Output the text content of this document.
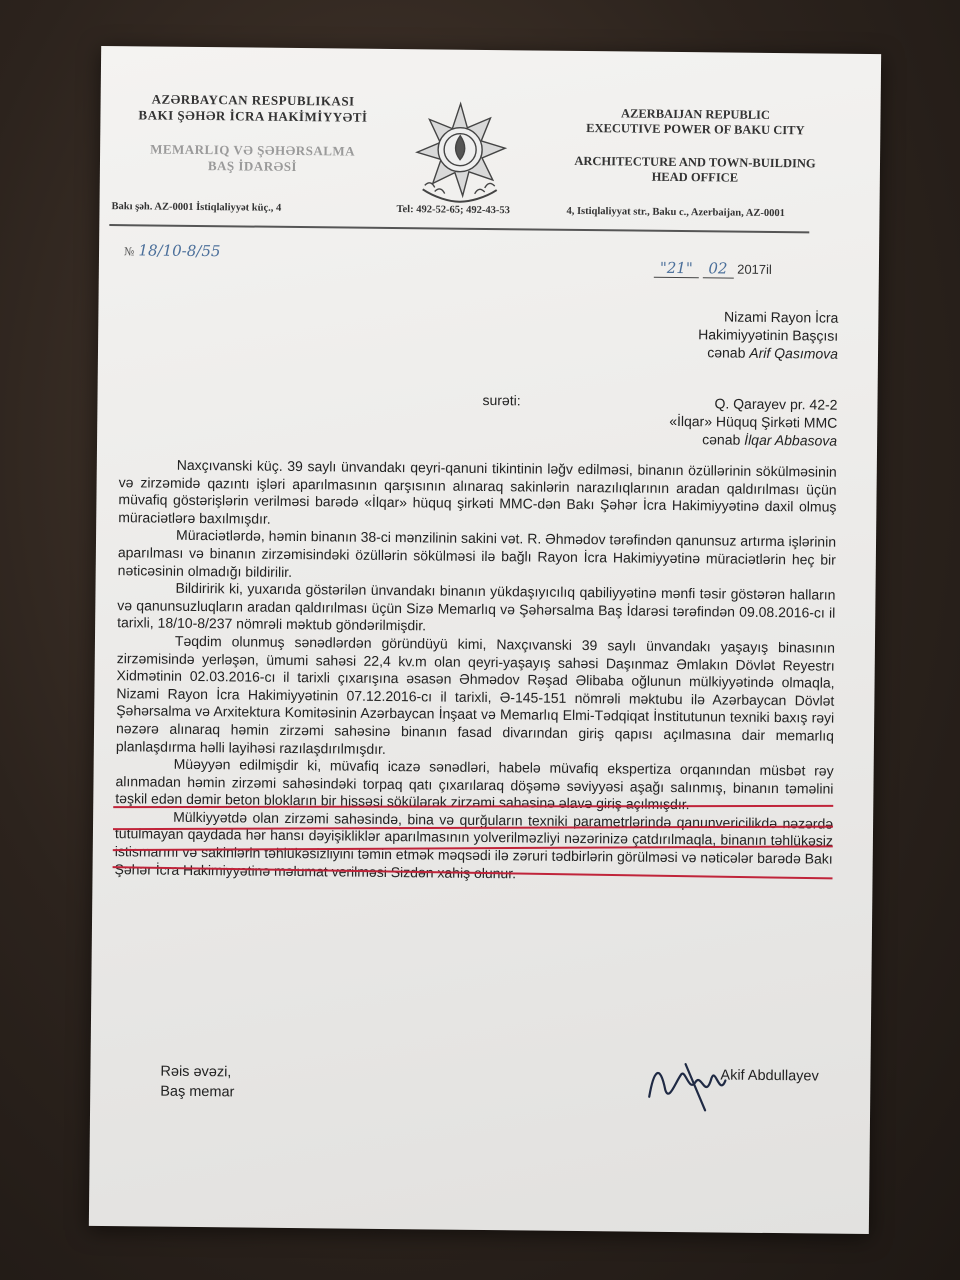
AZƏRBAYCAN RESPUBLIKASI
BAKI ŞƏHƏR İCRA HAKİMİYYƏTİ
MEMARLIQ VƏ ŞƏHƏRSALMA
BAŞ İDARƏSİ
AZERBAIJAN REPUBLIC
EXECUTIVE POWER OF BAKU CITY
ARCHITECTURE AND TOWN-BUILDING
HEAD OFFICE
Bakı şəh. AZ-0001 İstiqlaliyyət küç., 4	Tel: 492-52-65; 492-43-53	4, Istiqlaliyyat str., Baku c., Azerbaijan, AZ-0001
№ 18/10-8/55
"21" 02 2017il
Nizami Rayon İcra
Hakimiyyətinin Başçısı
cənab Arif Qasımova
surəti:	Q. Qarayev pr. 42-2
«İlqar» Hüquq Şirkəti MMC
cənab İlqar Abbasova

Naxçıvanski küç. 39 saylı ünvandakı qeyri-qanuni tikintinin ləğv edilməsi, binanın özüllərinin sökülməsinin və zirzəmidə qazıntı işləri aparılmasının qarşısının alınaraq sakinlərin narazılıqlarının aradan qaldırılması üçün müvafiq göstərişlərin verilməsi barədə «İlqar» hüquq şirkəti MMC-dən Bakı Şəhər İcra Hakimiyyətinə daxil olmuş müraciətlərə baxılmışdır.

Müraciətlərdə, həmin binanın 38-ci mənzilinin sakini vət. R. Əhmədov tərəfindən qanunsuz artırma işlərinin aparılması və binanın zirzəmisindəki özüllərin sökülməsi ilə bağlı Rayon İcra Hakimiyyətinə müraciətlərin heç bir nəticəsinin olmadığı bildirilir.

Bildiririk ki, yuxarıda göstərilən ünvandakı binanın yükdaşıyıcılıq qabiliyyətinə mənfi təsir göstərən halların və qanunsuzluqların aradan qaldırılması üçün Sizə Memarlıq və Şəhərsalma Baş İdarəsi tərəfindən 09.08.2016-cı il tarixli, 18/10-8/237 nömrəli məktub göndərilmişdir.

Təqdim olunmuş sənədlərdən göründüyü kimi, Naxçıvanski 39 saylı ünvandakı yaşayış binasının zirzəmisində yerləşən, ümumi sahəsi 22,4 kv.m olan qeyri-yaşayış sahəsi Daşınmaz Əmlakın Dövlət Reyestrı Xidmətinin 02.03.2016-cı il tarixli çıxarışına əsasən Əhmədov Rəşad Əlibaba oğlunun mülkiyyətində olmaqla, Nizami Rayon İcra Hakimiyyətinin 07.12.2016-cı il tarixli, Ə-145-151 nömrəli məktubu ilə Azərbaycan Dövlət Şəhərsalma və Arxitektura Komitəsinin Azərbaycan İnşaat və Memarlıq Elmi-Tədqiqat İnstitutunun texniki baxış rəyi nəzərə alınaraq həmin zirzəmi sahəsinə binanın fasad divarından giriş qapısı açılmasına dair memarlıq planlaşdırma həlli layihəsi razılaşdırılmışdır.

Müəyyən edilmişdir ki, müvafiq icazə sənədləri, habelə müvafiq ekspertiza orqanından müsbət rəy alınmadan həmin zirzəmi sahəsindəki torpaq qatı çıxarılaraq döşəmə səviyyəsi aşağı salınmış, binanın təməlini təşkil edən dəmir beton blokların bir hissəsi sökülərək zirzəmi sahəsinə əlavə giriş açılmışdır.

Mülkiyyətdə olan zirzəmi sahəsində, bina və qurğuların texniki parametrlərində qanunvericilikdə nəzərdə tutulmayan qaydada hər hansı dəyişikliklər aparılmasının yolverilməzliyi nəzərinizə çatdırılmaqla, binanın təhlükəsiz istismarını və sakinlərin təhlükəsizliyini təmin etmək məqsədi ilə zəruri tədbirlərin görülməsi və nəticələr barədə Bakı Şəhər İcra Hakimiyyətinə məlumat verilməsi Sizdən xahiş olunur.

Rəis əvəzi,
Baş memar
Akif Abdullayev
